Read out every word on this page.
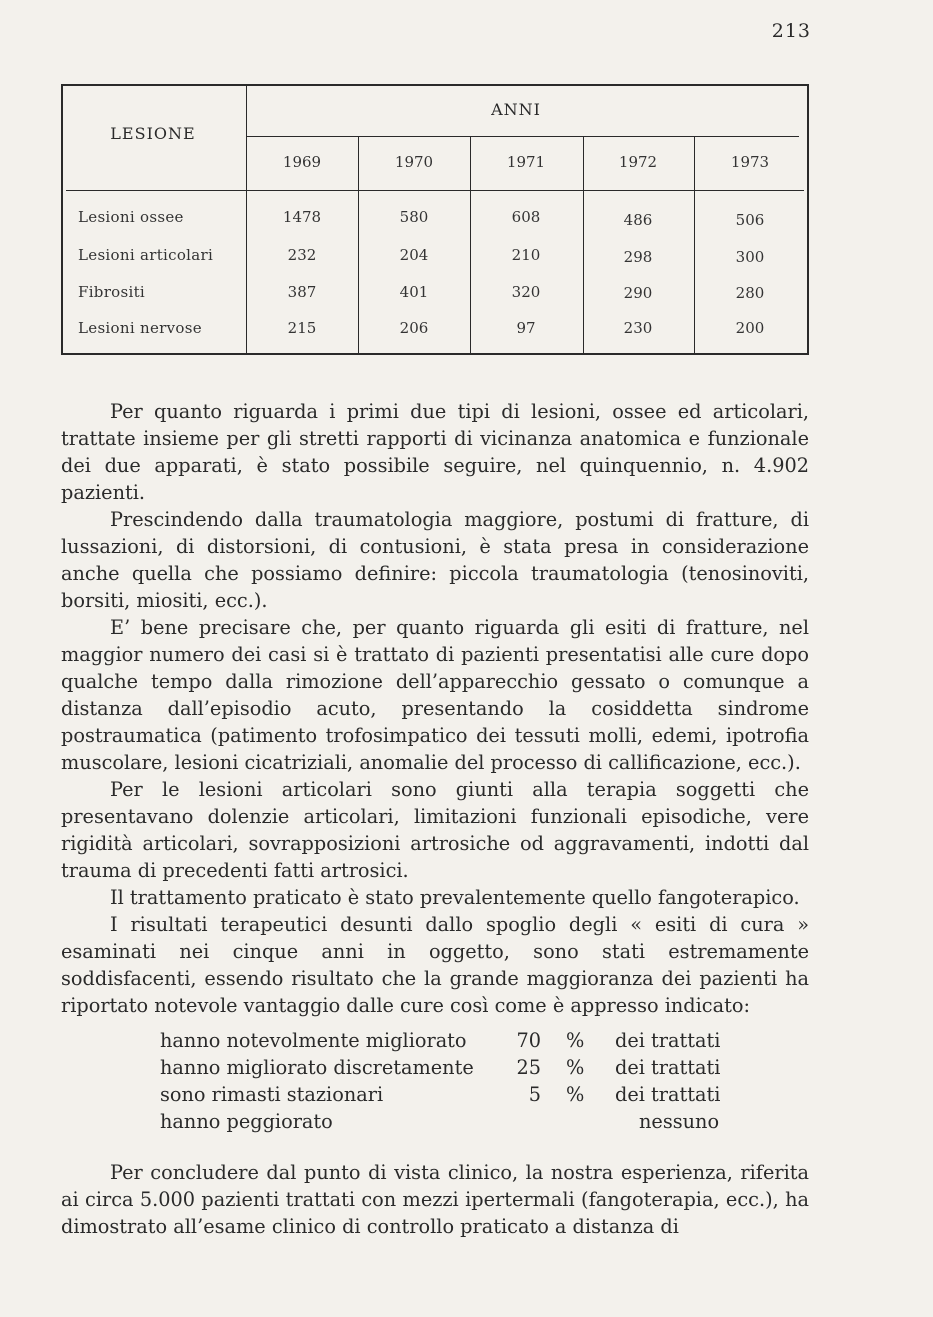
213
LESIONE
ANNI
1969	1970	1971	1972	1973
Lesioni ossee	1478	580	608	486	506
Lesioni articolari	232	204	210	298	300
Fibrositi	387	401	320	290	280
Lesioni nervose	215	206	97	230	200

Per quanto riguarda i primi due tipi di lesioni, ossee ed articolari, trattate insieme per gli stretti rapporti di vicinanza anatomica e funzionale dei due apparati, è stato possibile seguire, nel quinquennio, n. 4.902 pazienti.

Prescindendo dalla traumatologia maggiore, postumi di fratture, di lussazioni, di distorsioni, di contusioni, è stata presa in considerazione anche quella che possiamo definire: piccola traumatologia (tenosinoviti, borsiti, miositi, ecc.).

E’ bene precisare che, per quanto riguarda gli esiti di fratture, nel maggior numero dei casi si è trattato di pazienti presentatisi alle cure dopo qualche tempo dalla rimozione dell’apparecchio gessato o comunque a distanza dall’episodio acuto, presentando la cosiddetta sindrome postraumatica (patimento trofosimpatico dei tessuti molli, edemi, ipotrofia muscolare, lesioni cicatriziali, anomalie del processo di callificazione, ecc.).

Per le lesioni articolari sono giunti alla terapia soggetti che presentavano dolenzie articolari, limitazioni funzionali episodiche, vere rigidità articolari, sovrapposizioni artrosiche od aggravamenti, indotti dal trauma di precedenti fatti artrosici.

Il trattamento praticato è stato prevalentemente quello fangoterapico.

I risultati terapeutici desunti dallo spoglio degli « esiti di cura » esaminati nei cinque anni in oggetto, sono stati estremamente soddisfacenti, essendo risultato che la grande maggioranza dei pazienti ha riportato notevole vantaggio dalle cure così come è appresso indicato:

hanno notevolmente migliorato	70 % dei trattati
hanno migliorato discretamente	25 % dei trattati
sono rimasti stazionari	5 % dei trattati
hanno peggiorato	nessuno

Per concludere dal punto di vista clinico, la nostra esperienza, riferita ai circa 5.000 pazienti trattati con mezzi ipertermali (fangoterapia, ecc.), ha dimostrato all’esame clinico di controllo praticato a distanza di
